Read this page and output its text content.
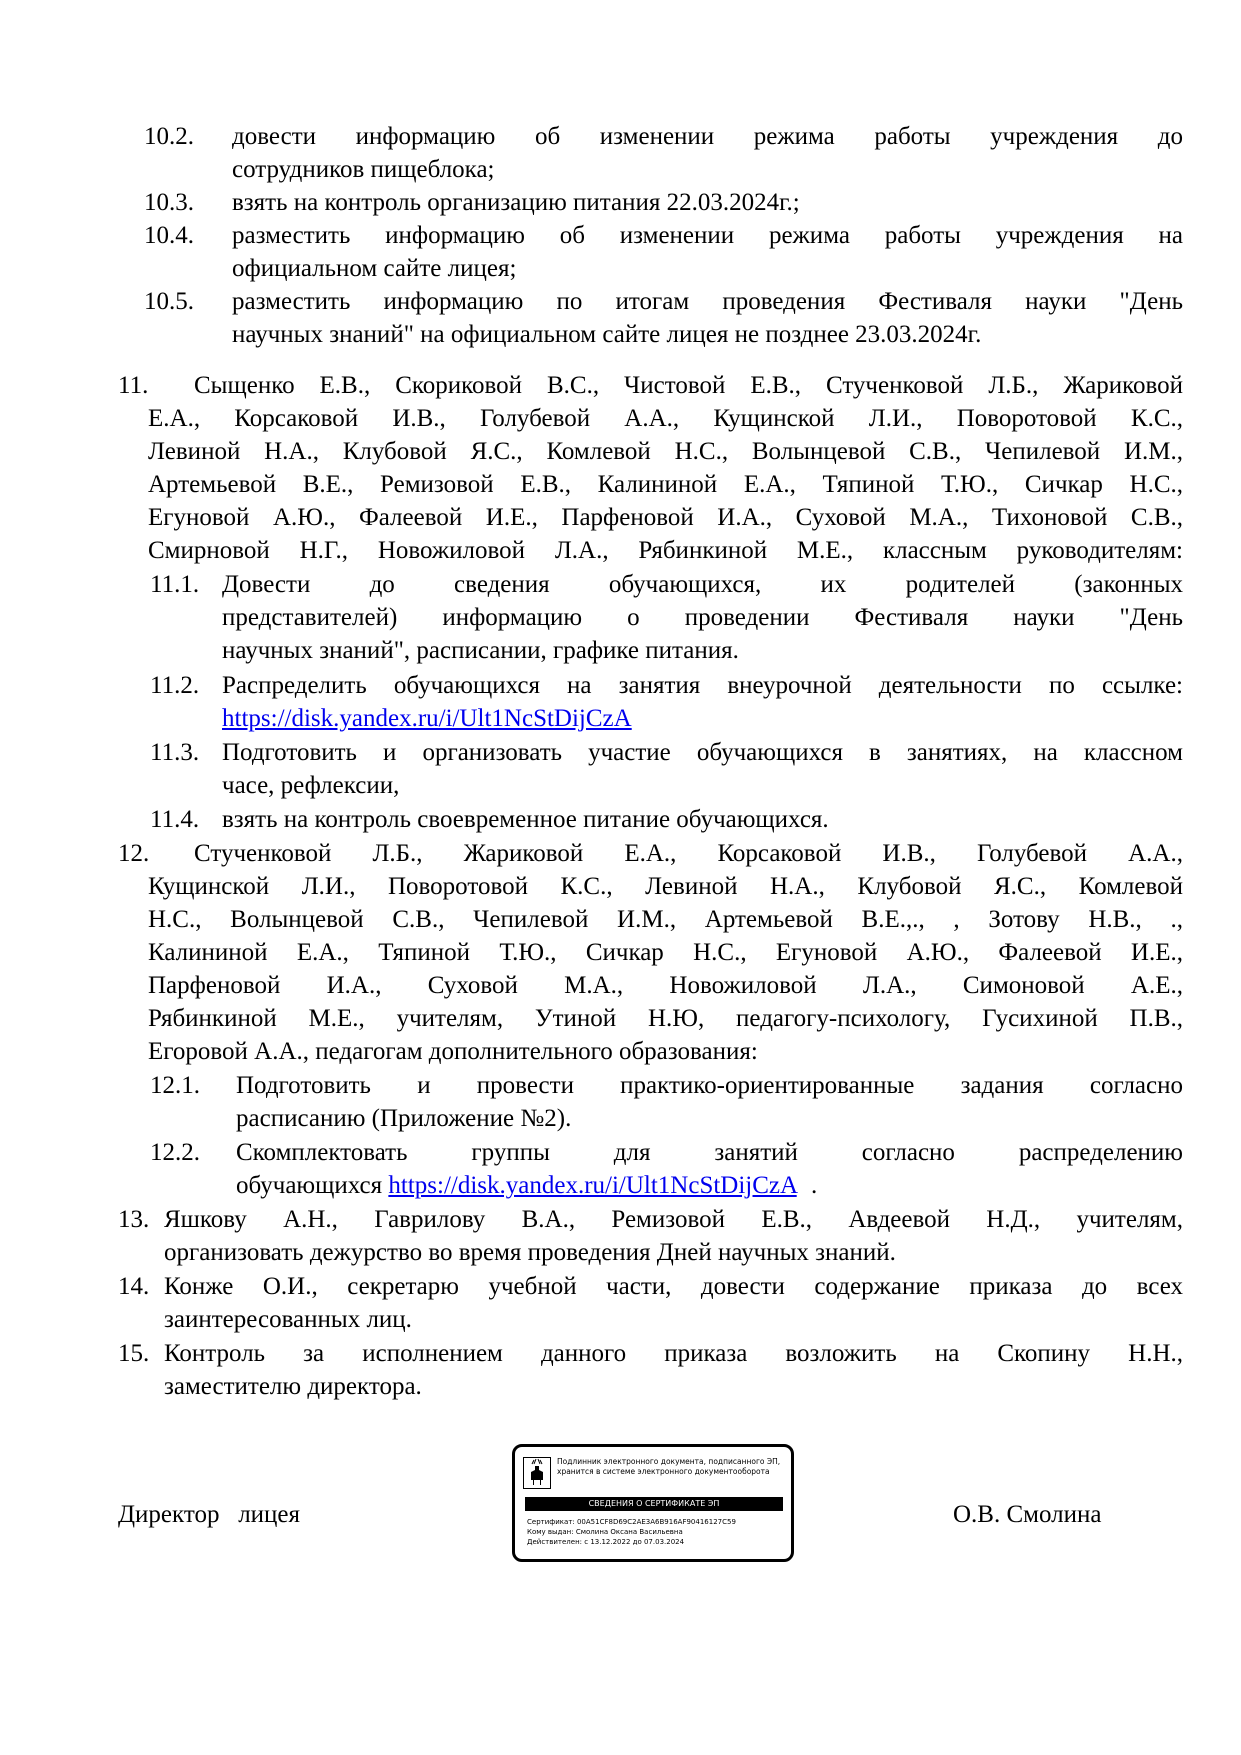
10.2. довести информацию об изменении режима работы учреждения до
сотрудников пищеблока;
10.3. взять на контроль организацию питания 22.03.2024г.;
10.4. разместить информацию об изменении режима работы учреждения на
официальном сайте лицея;
10.5. разместить информацию по итогам проведения Фестиваля науки "День
научных знаний" на официальном сайте лицея не позднее 23.03.2024г.
11. Сыщенко Е.В., Скориковой В.С., Чистовой Е.В., Стученковой Л.Б., Жариковой
Е.А., Корсаковой И.В., Голубевой А.А., Кущинской Л.И., Поворотовой К.С.,
Левиной Н.А., Клубовой Я.С., Комлевой Н.С., Волынцевой С.В., Чепилевой И.М.,
Артемьевой В.Е., Ремизовой Е.В., Калининой Е.А., Тяпиной Т.Ю., Сичкар Н.С.,
Егуновой А.Ю., Фалеевой И.Е., Парфеновой И.А., Суховой М.А., Тихоновой С.В.,
Смирновой Н.Г., Новожиловой Л.А., Рябинкиной М.Е., классным руководителям:
11.1. Довести до сведения обучающихся, их родителей (законных
представителей) информацию о проведении Фестиваля науки "День
научных знаний", расписании, графике питания.
11.2. Распределить обучающихся на занятия внеурочной деятельности по ссылке:
https://disk.yandex.ru/i/Ult1NcStDijCzA
11.3. Подготовить и организовать участие обучающихся в занятиях, на классном
часе, рефлексии,
11.4. взять на контроль своевременное питание обучающихся.
12. Стученковой Л.Б., Жариковой Е.А., Корсаковой И.В., Голубевой А.А.,
Кущинской Л.И., Поворотовой К.С., Левиной Н.А., Клубовой Я.С., Комлевой
Н.С., Волынцевой С.В., Чепилевой И.М., Артемьевой В.Е.,., , Зотову Н.В., .,
Калининой Е.А., Тяпиной Т.Ю., Сичкар Н.С., Егуновой А.Ю., Фалеевой И.Е.,
Парфеновой И.А., Суховой М.А., Новожиловой Л.А., Симоновой А.Е.,
Рябинкиной М.Е., учителям, Утиной Н.Ю, педагогу-психологу, Гусихиной П.В.,
Егоровой А.А., педагогам дополнительного образования:
12.1. Подготовить и провести практико-ориентированные задания согласно
расписанию (Приложение №2).
12.2. Скомплектовать группы для занятий согласно распределению
обучающихся https://disk.yandex.ru/i/Ult1NcStDijCzA .
13. Яшкову А.Н., Гаврилову В.А., Ремизовой Е.В., Авдеевой Н.Д., учителям,
организовать дежурство во время проведения Дней научных знаний.
14. Конже О.И., секретарю учебной части, довести содержание приказа до всех
заинтересованных лиц.
15. Контроль за исполнением данного приказа возложить на Скопину Н.Н.,
заместителю директора.
Директор   лицея	О.В. Смолина
Подлинник электронного документа, подписанного ЭП, хранится в системе электронного документооборота
СВЕДЕНИЯ О СЕРТИФИКАТЕ ЭП
Сертификат: 00A51CF8D69C2AE3A6B916AF90416127C59
Кому выдан: Смолина Оксана Васильевна
Действителен: с 13.12.2022 до 07.03.2024
